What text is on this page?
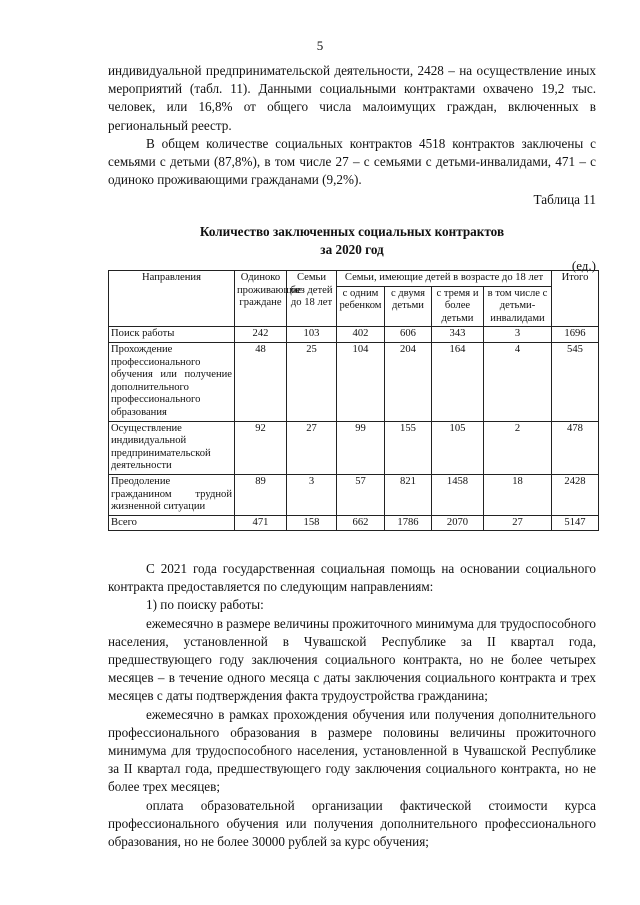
5

индивидуальной предпринимательской деятельности, 2428 – на осуществление иных мероприятий (табл. 11). Данными социальными контрактами охвачено 19,2 тыс. человек, или 16,8% от общего числа малоимущих граждан, включенных в региональный реестр.

В общем количестве социальных контрактов 4518 контрактов заключены с семьями с детьми (87,8%), в том числе 27 – с семьями с детьми-инвалидами, 471 – с одиноко проживающими гражданами (9,2%).

Таблица 11
Количество заключенных социальных контрактов
за 2020 год
(ед.)
Направления	Одиноко проживающие граждане	Семьи без детей до 18 лет	Семьи, имеющие детей в возрасте до 18 лет				Итого
			с одним ребенком	с двумя детьми	с тремя и более детьми	в том числе с детьми-инвалидами	
Поиск работы	242	103	402	606	343	3	1696
Прохождение профессионального обучения или получение дополнительного профессионального образования	48	25	104	204	164	4	545
Осуществление индивидуальной предпринимательской деятельности	92	27	99	155	105	2	478
Преодоление гражданином трудной жизненной ситуации	89	3	57	821	1458	18	2428
Всего	471	158	662	1786	2070	27	5147

С 2021 года государственная социальная помощь на основании социального контракта предоставляется по следующим направлениям:

1) по поиску работы:

ежемесячно в размере величины прожиточного минимума для трудоспособного населения, установленной в Чувашской Республике за II квартал года, предшествующего году заключения социального контракта, но не более четырех месяцев – в течение одного месяца с даты заключения социального контракта и трех месяцев с даты подтверждения факта трудоустройства гражданина;

ежемесячно в рамках прохождения обучения или получения дополнительного профессионального образования в размере половины величины прожиточного минимума для трудоспособного населения, установленной в Чувашской Республике за II квартал года, предшествующего году заключения социального контракта, но не более трех месяцев;

оплата образовательной организации фактической стоимости курса профессионального обучения или получения дополнительного профессионального образования, но не более 30000 рублей за курс обучения;
